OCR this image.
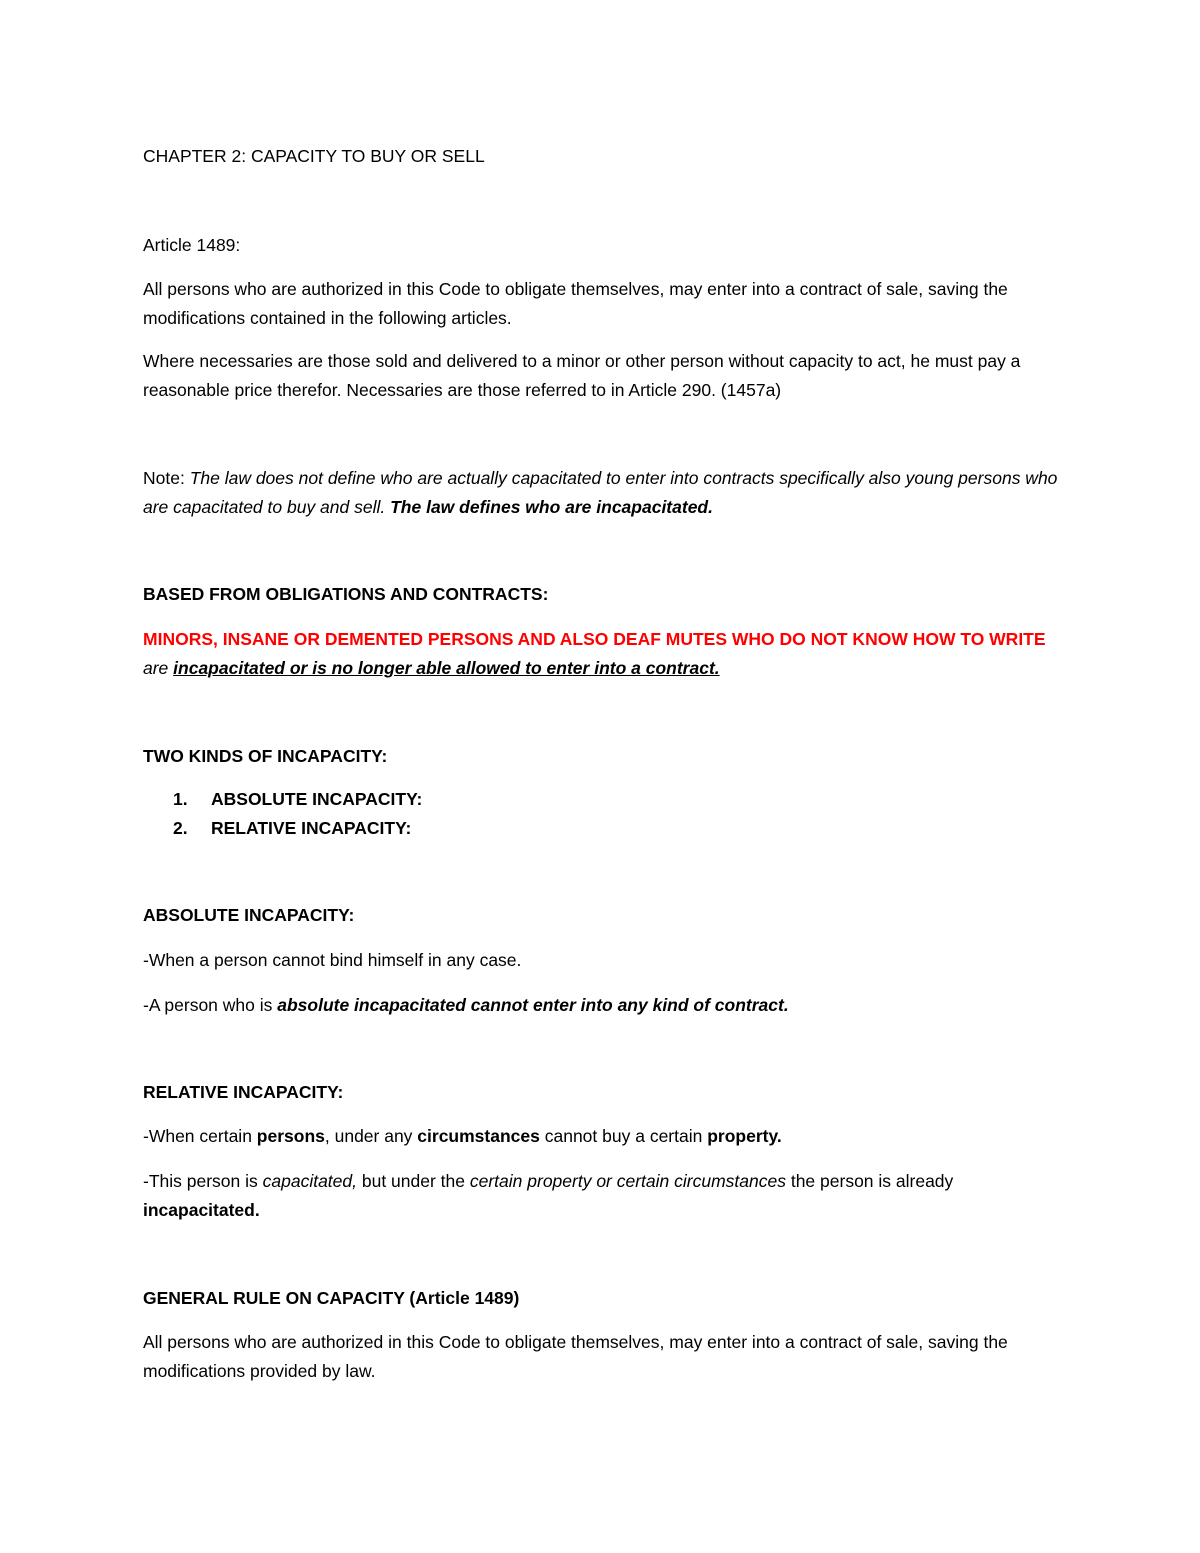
CHAPTER 2: CAPACITY TO BUY OR SELL

Article 1489:

All persons who are authorized in this Code to obligate themselves, may enter into a contract of sale, saving the modifications contained in the following articles.

Where necessaries are those sold and delivered to a minor or other person without capacity to act, he must pay a reasonable price therefor. Necessaries are those referred to in Article 290. (1457a)

Note: The law does not define who are actually capacitated to enter into contracts specifically also young persons who are capacitated to buy and sell. The law defines who are incapacitated.

BASED FROM OBLIGATIONS AND CONTRACTS:

MINORS, INSANE OR DEMENTED PERSONS AND ALSO DEAF MUTES WHO DO NOT KNOW HOW TO WRITE are incapacitated or is no longer able allowed to enter into a contract.

TWO KINDS OF INCAPACITY:

1. ABSOLUTE INCAPACITY:
2. RELATIVE INCAPACITY:

ABSOLUTE INCAPACITY:

-When a person cannot bind himself in any case.

-A person who is absolute incapacitated cannot enter into any kind of contract.

RELATIVE INCAPACITY:

-When certain persons, under any circumstances cannot buy a certain property.

-This person is capacitated, but under the certain property or certain circumstances the person is already incapacitated.

GENERAL RULE ON CAPACITY (Article 1489)

All persons who are authorized in this Code to obligate themselves, may enter into a contract of sale, saving the modifications provided by law.
